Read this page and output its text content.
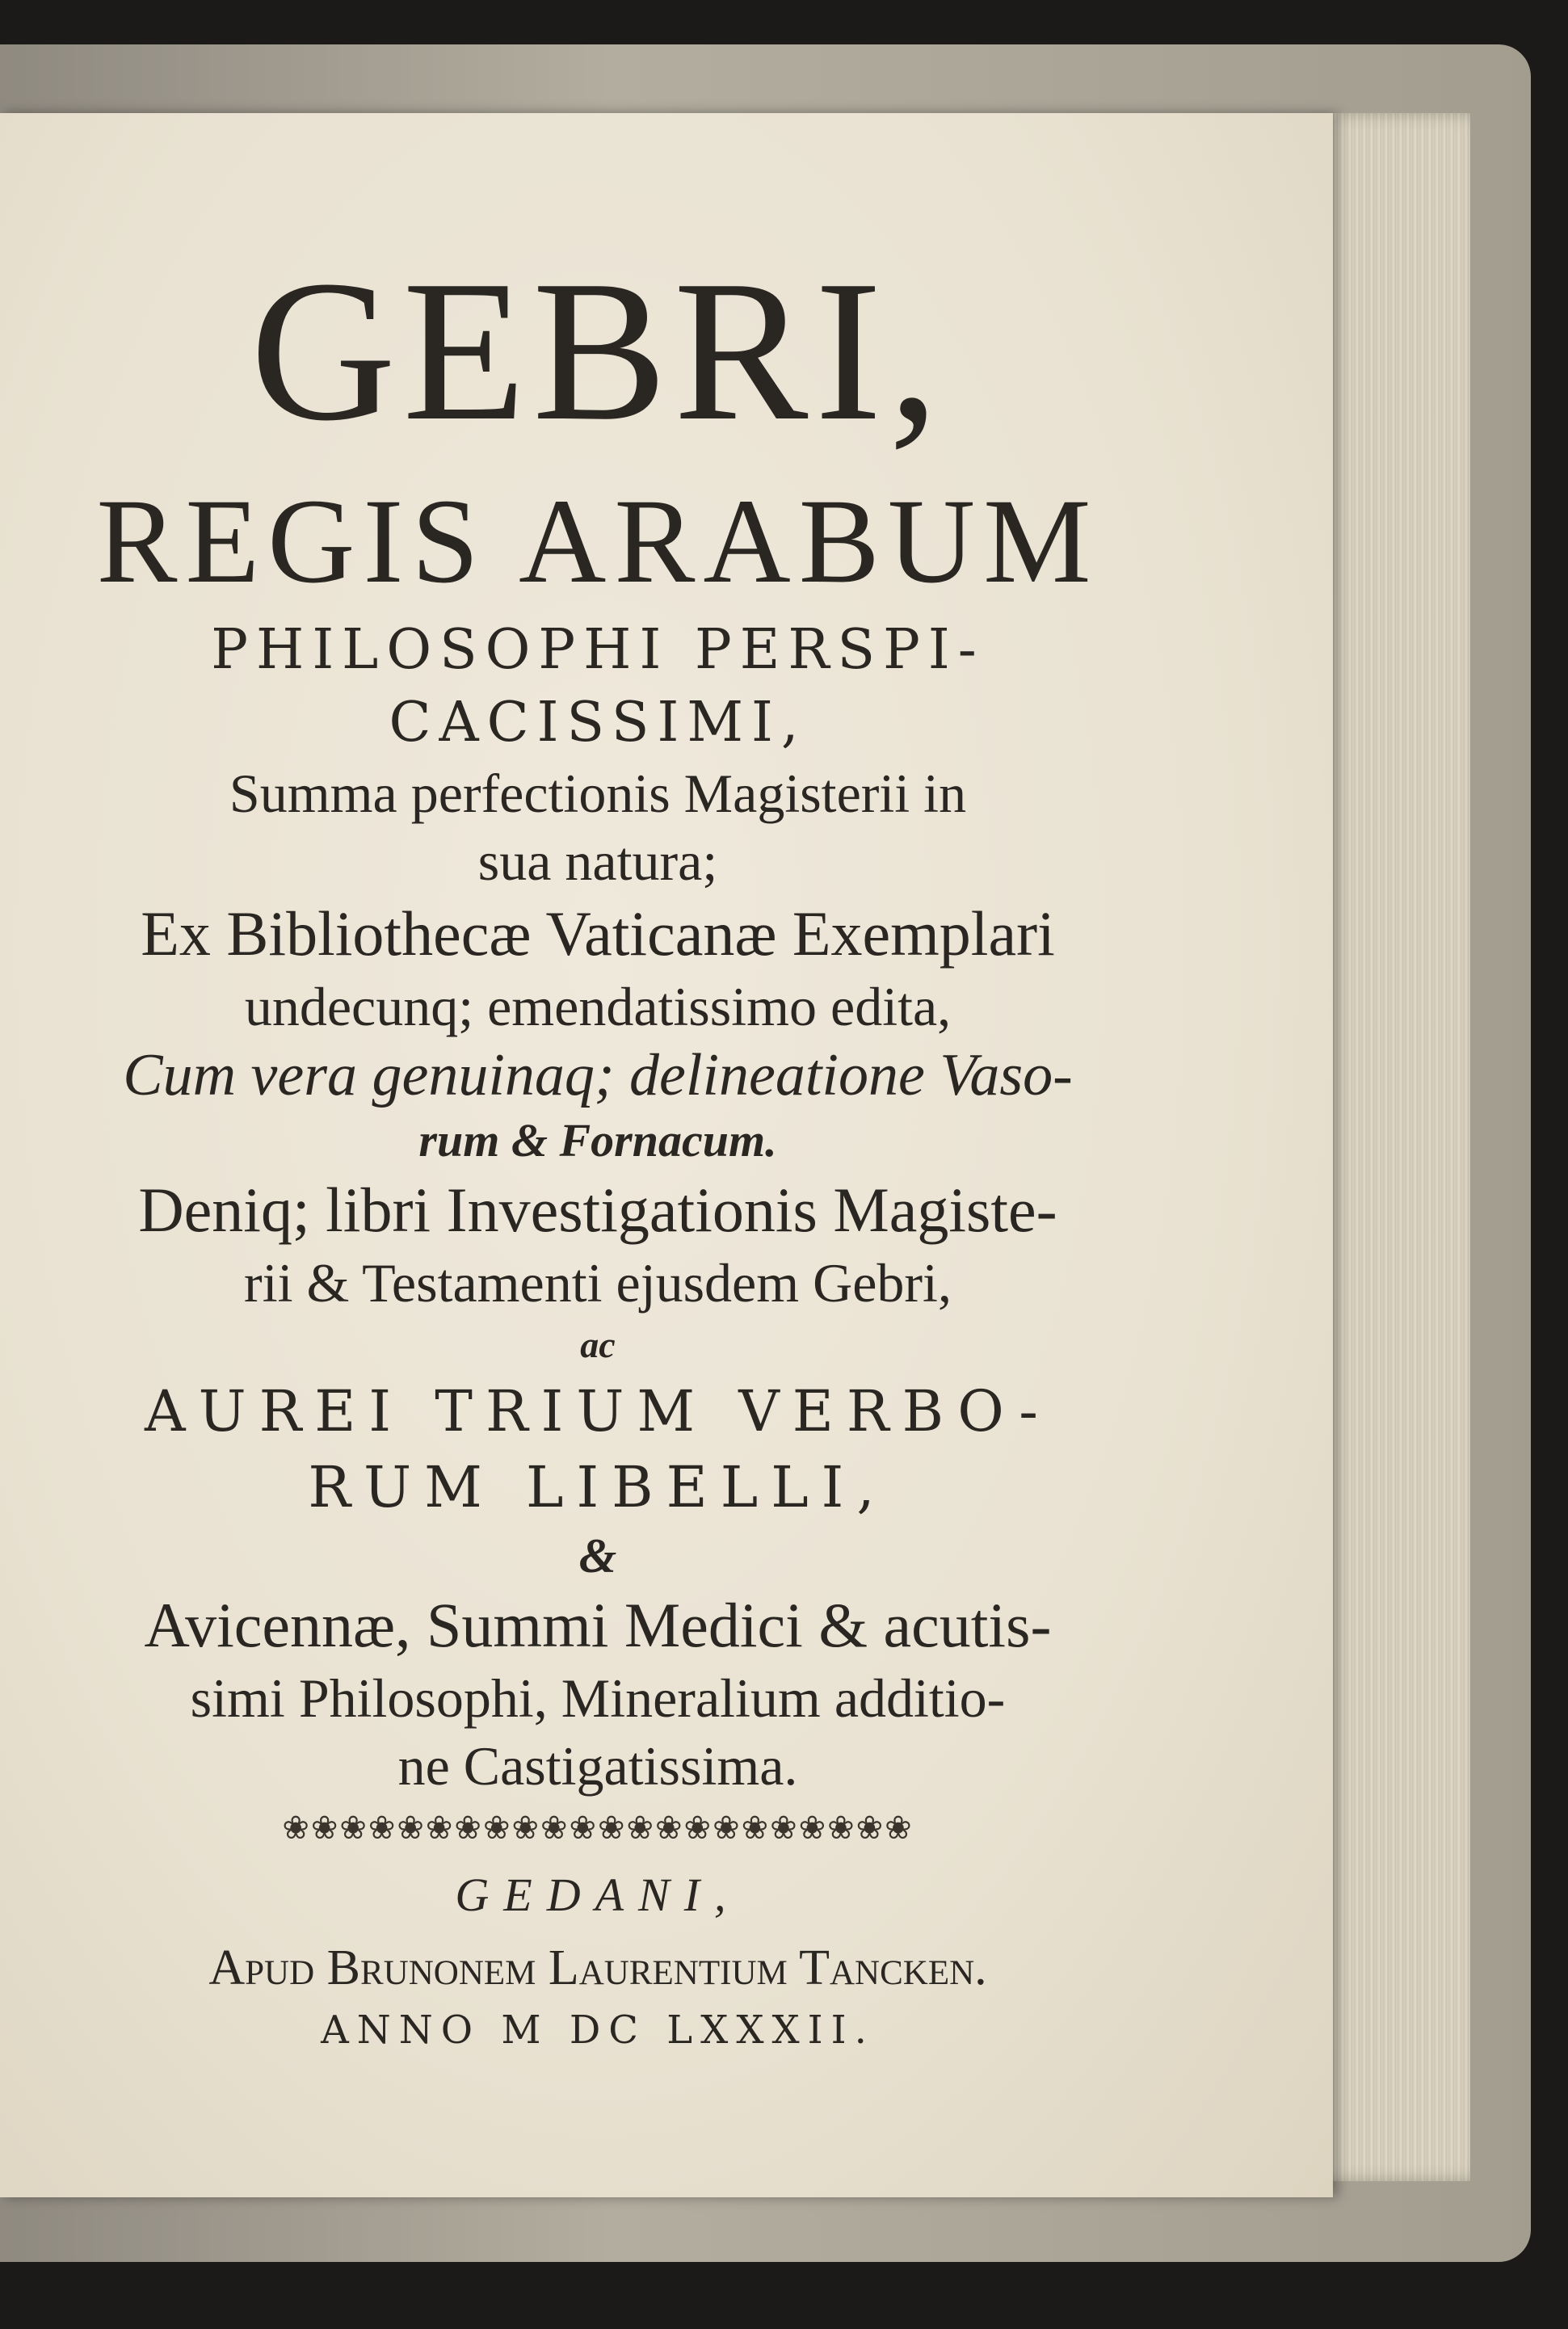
GEBRI,
REGIS ARABUM
PHILOSOPHI PERSPI-
CACISSIMI,
Summa perfectionis Magisterii in
sua natura;
Ex Bibliothecæ Vaticanæ Exemplari
undecunq; emendatissimo edita,
Cum vera genuinaq; delineatione Vaso-
rum & Fornacum.
Deniq; libri Investigationis Magiste-
rii & Testamenti ejusdem Gebri,
ac
AUREI TRIUM VERBO-
RUM LIBELLI,
&
Avicennæ, Summi Medici & acutis-
simi Philosophi, Mineralium additio-
ne Castigatissima.
❀❀❀❀❀❀❀❀❀❀❀❀❀❀❀❀❀❀❀❀❀❀
GEDANI,
Apud Brunonem Laurentium Tancken.
ANNO M DC LXXXII.
